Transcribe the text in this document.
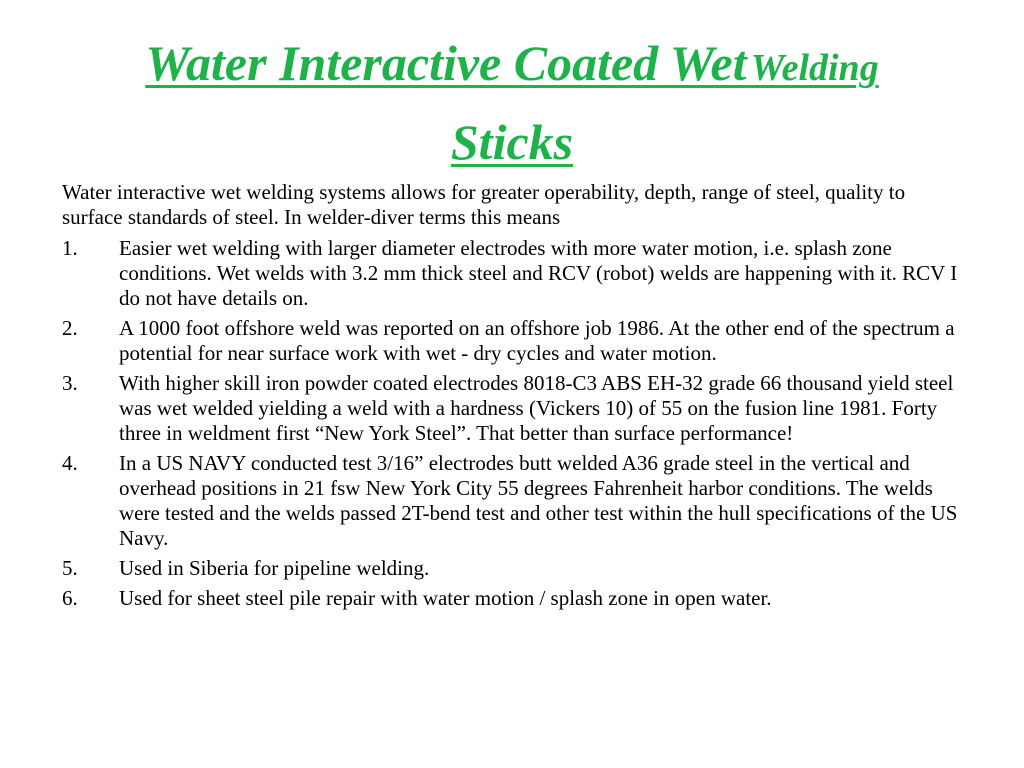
Water Interactive Coated Wet Welding
Sticks

Water interactive wet welding systems allows for greater operability, depth, range of steel, quality to surface standards of steel. In welder-diver terms this means

1.	Easier wet welding with larger diameter electrodes with more water motion, i.e. splash zone conditions. Wet welds with 3.2 mm thick steel and RCV (robot) welds are happening with it. RCV I do not have details on.
2.	A 1000 foot offshore weld was reported on an offshore job 1986. At the other end of the spectrum a potential for near surface work with wet - dry cycles and water motion.
3.	With higher skill iron powder coated electrodes 8018-C3 ABS EH-32 grade 66 thousand yield steel was wet welded yielding a weld with a hardness (Vickers 10) of 55 on the fusion line 1981. Forty three in weldment first “New York Steel”. That better than surface performance!
4.	In a US NAVY conducted test 3/16” electrodes butt welded A36 grade steel in the vertical and overhead positions in 21 fsw New York City 55 degrees Fahrenheit harbor conditions. The welds were tested and the welds passed 2T-bend test and other test within the hull specifications of the US Navy.
5.	Used in Siberia for pipeline welding.
6.	Used for sheet steel pile repair with water motion / splash zone in open water.
